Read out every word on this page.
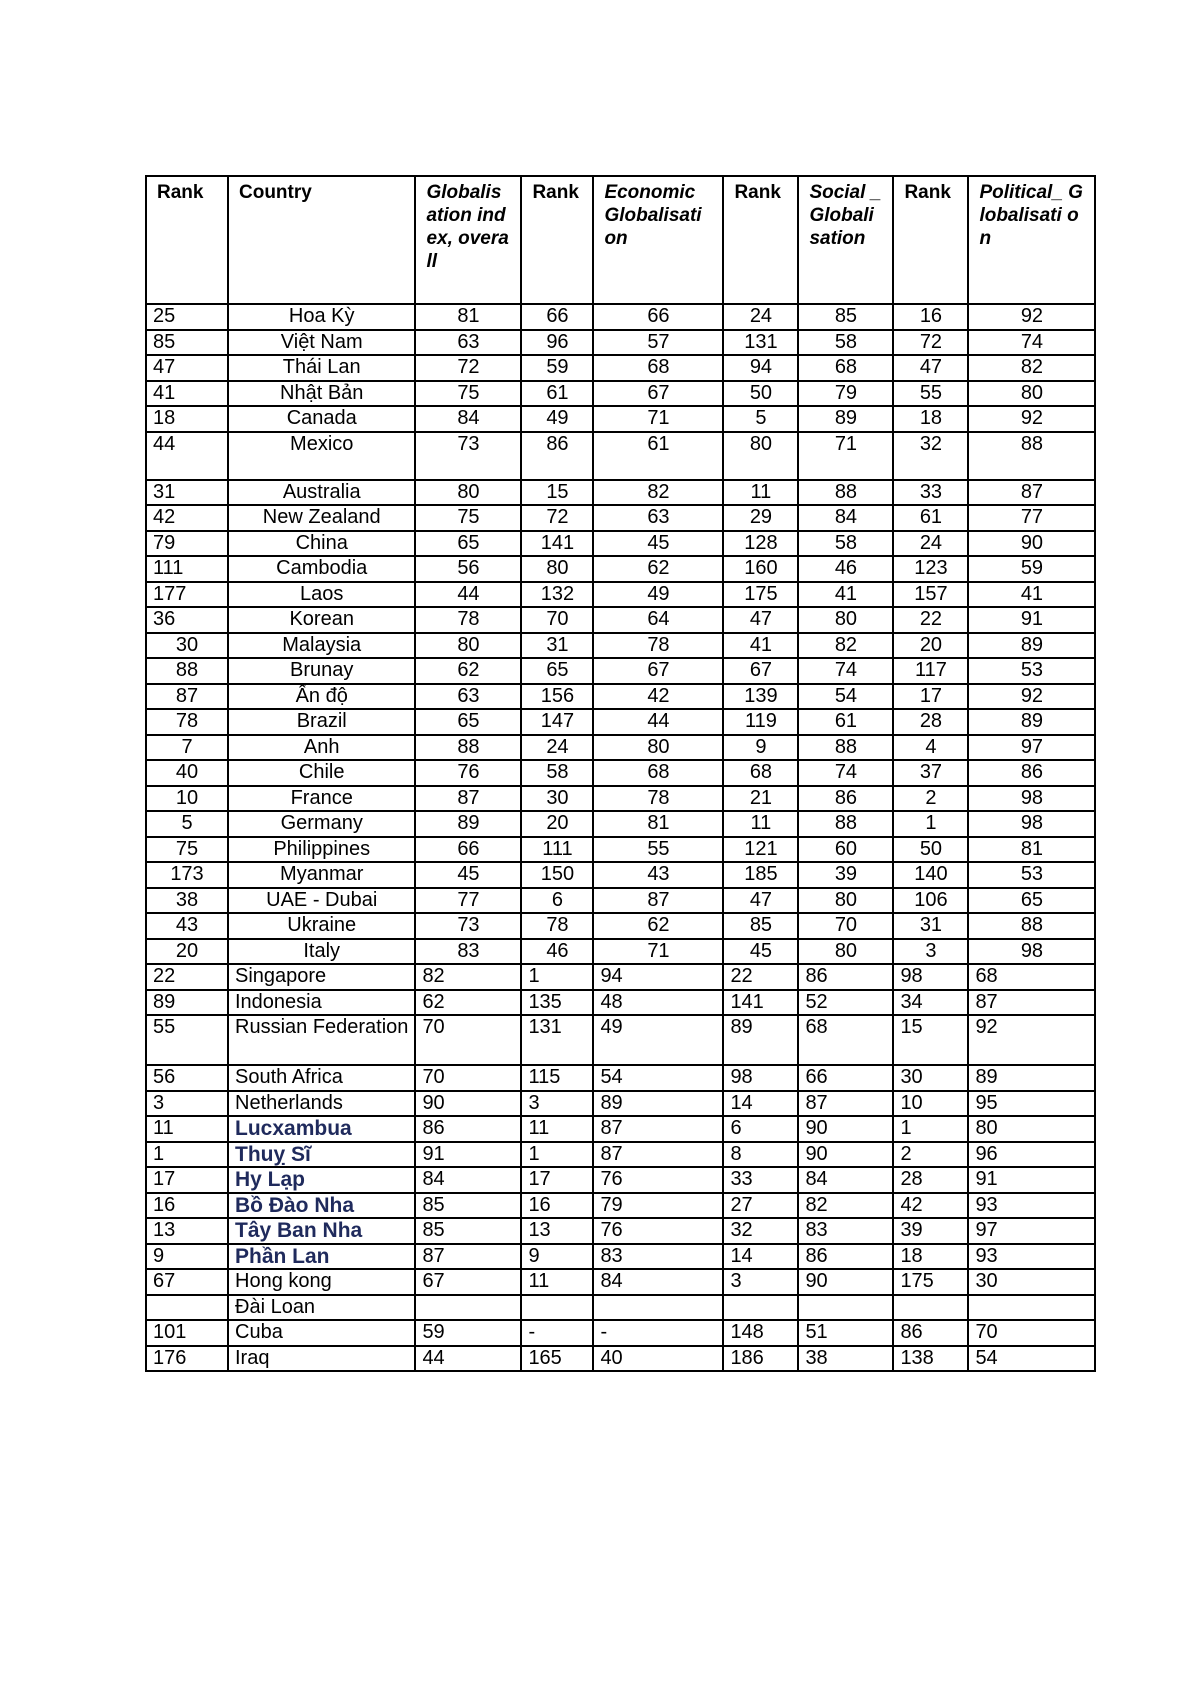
Rank	Country	Globalis ation index, overall	Rank	Economic Globalisati on	Rank	Social _ Globali sation	Rank	Political_ Globalisati on
25	Hoa Kỳ	81	66	66	24	85	16	92
85	Việt Nam	63	96	57	131	58	72	74
47	Thái Lan	72	59	68	94	68	47	82
41	Nhật Bản	75	61	67	50	79	55	80
18	Canada	84	49	71	5	89	18	92
44	Mexico	73	86	61	80	71	32	88
31	Australia	80	15	82	11	88	33	87
42	New Zealand	75	72	63	29	84	61	77
79	China	65	141	45	128	58	24	90
111	Cambodia	56	80	62	160	46	123	59
177	Laos	44	132	49	175	41	157	41
36	Korean	78	70	64	47	80	22	91
30	Malaysia	80	31	78	41	82	20	89
88	Brunay	62	65	67	67	74	117	53
87	Ấn độ	63	156	42	139	54	17	92
78	Brazil	65	147	44	119	61	28	89
7	Anh	88	24	80	9	88	4	97
40	Chile	76	58	68	68	74	37	86
10	France	87	30	78	21	86	2	98
5	Germany	89	20	81	11	88	1	98
75	Philippines	66	111	55	121	60	50	81
173	Myanmar	45	150	43	185	39	140	53
38	UAE - Dubai	77	6	87	47	80	106	65
43	Ukraine	73	78	62	85	70	31	88
20	Italy	83	46	71	45	80	3	98
22	Singapore	82	1	94	22	86	98	68
89	Indonesia	62	135	48	141	52	34	87
55	Russian Federation	70	131	49	89	68	15	92
56	South Africa	70	115	54	98	66	30	89
3	Netherlands	90	3	89	14	87	10	95
11	Lucxambua	86	11	87	6	90	1	80
1	Thuỵ Sĩ	91	1	87	8	90	2	96
17	Hy Lạp	84	17	76	33	84	28	91
16	Bồ Đào Nha	85	16	79	27	82	42	93
13	Tây Ban Nha	85	13	76	32	83	39	97
9	Phần Lan	87	9	83	14	86	18	93
67	Hong kong	67	11	84	3	90	175	30
	Đài Loan							
101	Cuba	59	-	-	148	51	86	70
176	Iraq	44	165	40	186	38	138	54
